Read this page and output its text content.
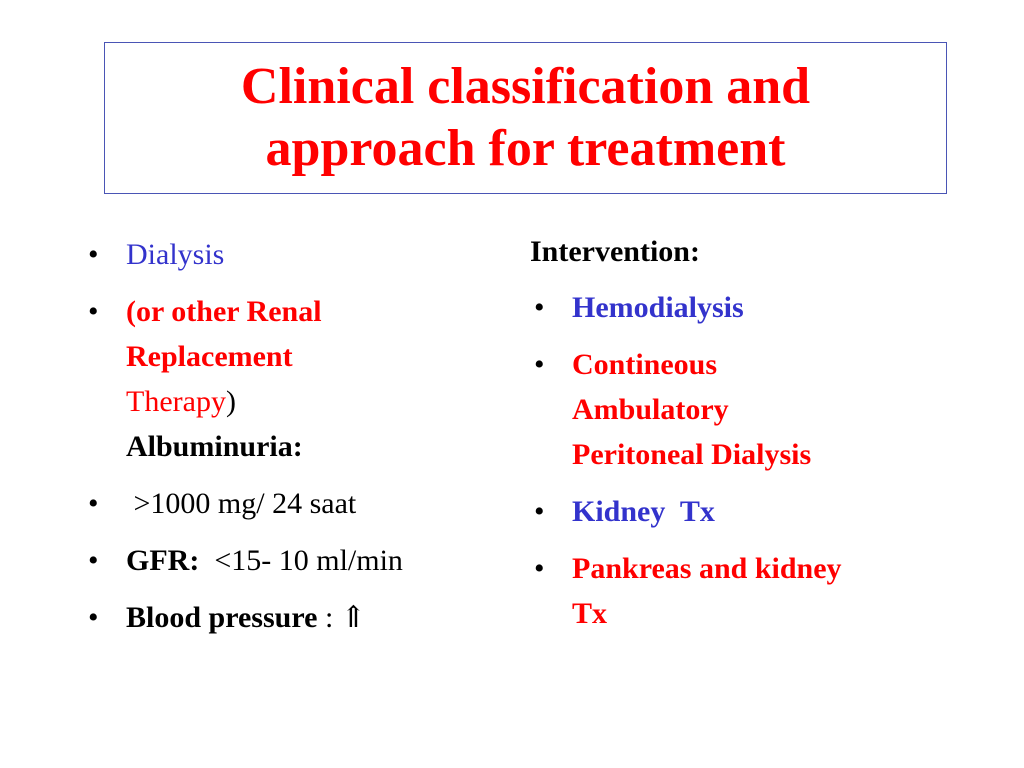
Clinical classification and
approach for treatment
• Dialysis
• (or other Renal
Replacement
Therapy)
Albuminuria:
• >1000 mg/ 24 saat
• GFR:  <15- 10 ml/min
• Blood pressure : ⇑
Intervention:
• Hemodialysis
• Contineous
Ambulatory
Peritoneal Dialysis
• Kidney  Tx
• Pankreas and kidney
Tx
